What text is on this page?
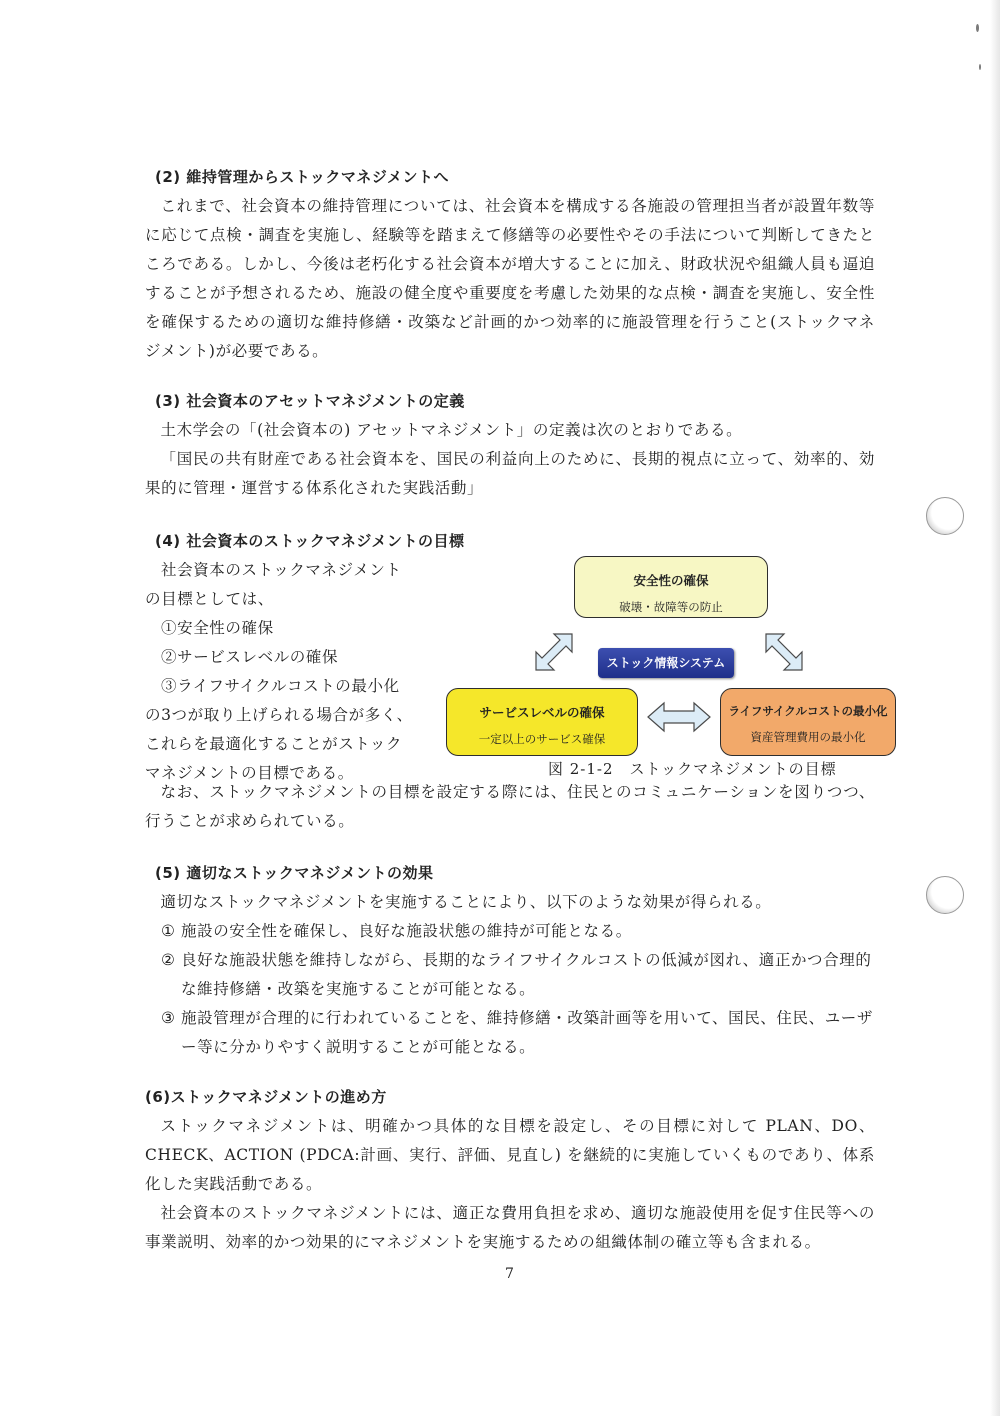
(2) 維持管理からストックマネジメントへ

これまで、社会資本の維持管理については、社会資本を構成する各施設の管理担当者が設置年数等に応じて点検・調査を実施し、経験等を踏まえて修繕等の必要性やその手法について判断してきたところである。しかし、今後は老朽化する社会資本が増大することに加え、財政状況や組織人員も逼迫することが予想されるため、施設の健全度や重要度を考慮した効果的な点検・調査を実施し、安全性を確保するための適切な維持修繕・改築など計画的かつ効率的に施設管理を行うこと(ストックマネジメント)が必要である。

(3) 社会資本のアセットマネジメントの定義

土木学会の「(社会資本の) アセットマネジメント」の定義は次のとおりである。

「国民の共有財産である社会資本を、国民の利益向上のために、長期的視点に立って、効率的、効果的に管理・運営する体系化された実践活動」

(4) 社会資本のストックマネジメントの目標

社会資本のストックマネジメント

の目標としては、

①安全性の確保

②サービスレベルの確保

③ライフサイクルコストの最小化

の3つが取り上げられる場合が多く、

これらを最適化することがストック

マネジメントの目標である。

安全性の確保
破壊・故障等の防止
ストック情報システム
サービスレベルの確保
一定以上のサービス確保
ライフサイクルコストの最小化
資産管理費用の最小化
図 2-1-2　ストックマネジメントの目標

なお、ストックマネジメントの目標を設定する際には、住民とのコミュニケーションを図りつつ、行うことが求められている。

(5) 適切なストックマネジメントの効果

適切なストックマネジメントを実施することにより、以下のような効果が得られる。

① 施設の安全性を確保し、良好な施設状態の維持が可能となる。
② 良好な施設状態を維持しながら、長期的なライフサイクルコストの低減が図れ、適正かつ合理的な維持修繕・改築を実施することが可能となる。
③ 施設管理が合理的に行われていることを、維持修繕・改築計画等を用いて、国民、住民、ユーザー等に分かりやすく説明することが可能となる。
(6)ストックマネジメントの進め方

ストックマネジメントは、明確かつ具体的な目標を設定し、その目標に対して PLAN、DO、CHECK、ACTION (PDCA:計画、実行、評価、見直し) を継続的に実施していくものであり、体系化した実践活動である。

社会資本のストックマネジメントには、適正な費用負担を求め、適切な施設使用を促す住民等への事業説明、効率的かつ効果的にマネジメントを実施するための組織体制の確立等も含まれる。

7
